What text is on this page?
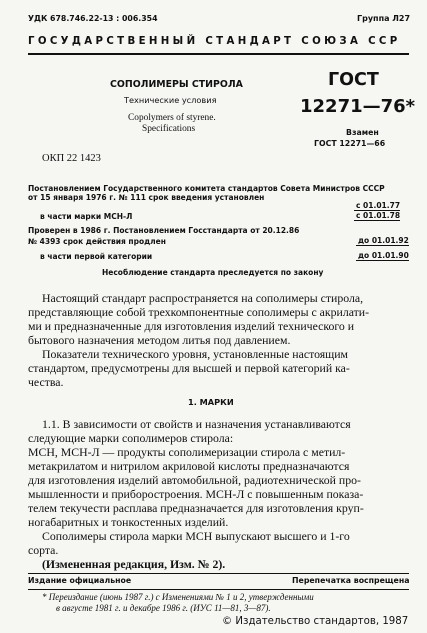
УДК 678.746.22-13 : 006.354	Группа Л27
ГОСУДАРСТВЕННЫЙ СТАНДАРТ СОЮЗА ССР
СОПОЛИМЕРЫ СТИРОЛА
Технические условия
Copolymers of styrene.
Specifications
ГОСТ
12271—76*
Взамен
ГОСТ 12271—66
ОКП 22 1423
Постановлением Государственного комитета стандартов Совета Министров СССР
от 15 января 1976 г. № 111 срок введения установлен
с 01.01.77
в части марки МСН-Л	с 01.01.78
Проверен в 1986 г. Постановлением Госстандарта от 20.12.86
№ 4393 срок действия продлен	до 01.01.92
в части первой категории	до 01.01.90
Несоблюдение стандарта преследуется по закону
Настоящий стандарт распространяется на сополимеры стирола,
представляющие собой трехкомпонентные сополимеры с акрилати-
ми и предназначенные для изготовления изделий технического и
бытового назначения методом литья под давлением.
Показатели технического уровня, установленные настоящим
стандартом, предусмотрены для высшей и первой категорий ка-
чества.
1. МАРКИ
1.1. В зависимости от свойств и назначения устанавливаются
следующие марки сополимеров стирола:
МСН, МСН-Л — продукты сополимеризации стирола с метил-
метакрилатом и нитрилом акриловой кислоты предназначаются
для изготовления изделий автомобильной, радиотехнической про-
мышленности и приборостроения. МСН-Л с повышенным показа-
телем текучести расплава предназначается для изготовления круп-
ногабаритных и тонкостенных изделий.
Сополимеры стирола марки МСН выпускают высшего и 1-го
сорта.
(Измененная редакция, Изм. № 2).
Издание официальное	Перепечатка воспрещена
* Переиздание (июнь 1987 г.) с Изменениями № 1 и 2, утвержденными
в августе 1981 г. и декабре 1986 г. (ИУС 11—81, 3—87).
© Издательство стандартов, 1987
